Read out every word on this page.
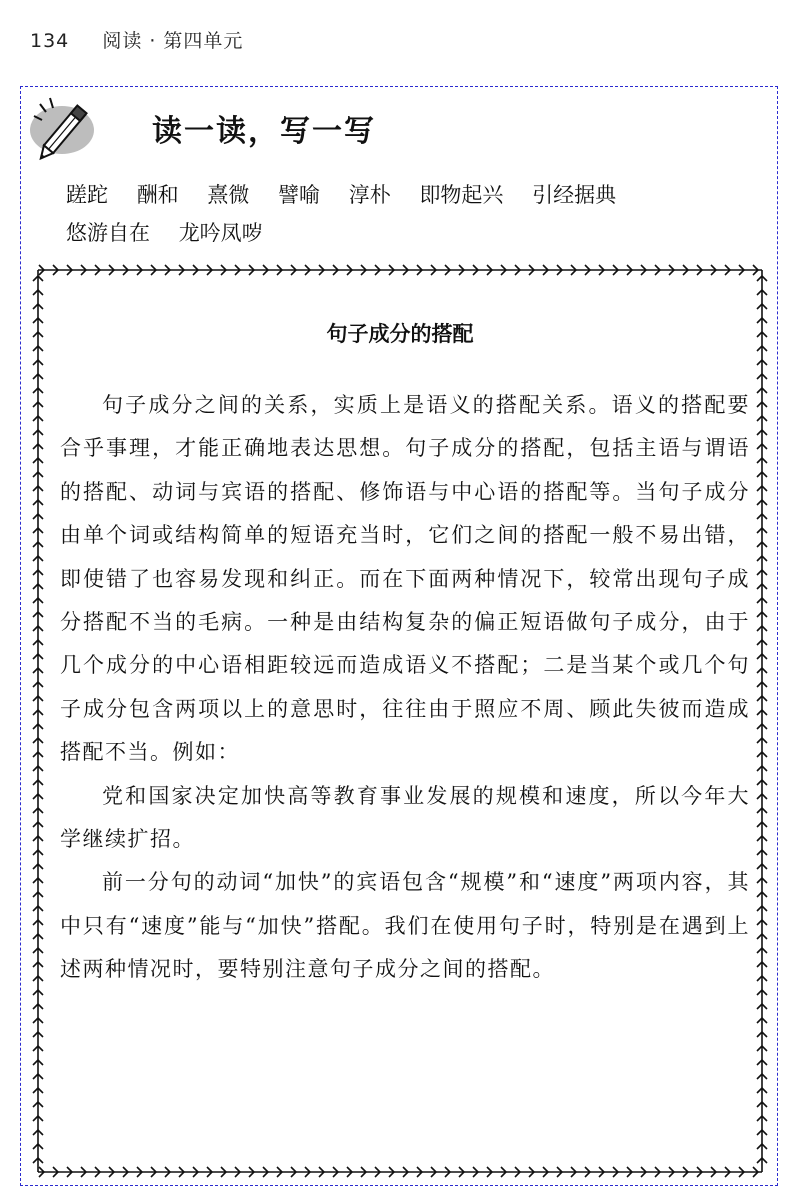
134 阅读 · 第四单元
读一读，写一写
蹉跎 酬和 熹微 譬喻 淳朴 即物起兴 引经据典
悠游自在 龙吟凤哕
句子成分的搭配

句子成分之间的关系，实质上是语义的搭配关系。语义的搭配要合乎事理，才能正确地表达思想。句子成分的搭配，包括主语与谓语的搭配、动词与宾语的搭配、修饰语与中心语的搭配等。当句子成分由单个词或结构简单的短语充当时，它们之间的搭配一般不易出错，即使错了也容易发现和纠正。而在下面两种情况下，较常出现句子成分搭配不当的毛病。一种是由结构复杂的偏正短语做句子成分，由于几个成分的中心语相距较远而造成语义不搭配；二是当某个或几个句子成分包含两项以上的意思时，往往由于照应不周、顾此失彼而造成搭配不当。例如：

党和国家决定加快高等教育事业发展的规模和速度，所以今年大学继续扩招。

前一分句的动词“加快”的宾语包含“规模”和“速度”两项内容，其中只有“速度”能与“加快”搭配。我们在使用句子时，特别是在遇到上述两种情况时，要特别注意句子成分之间的搭配。
